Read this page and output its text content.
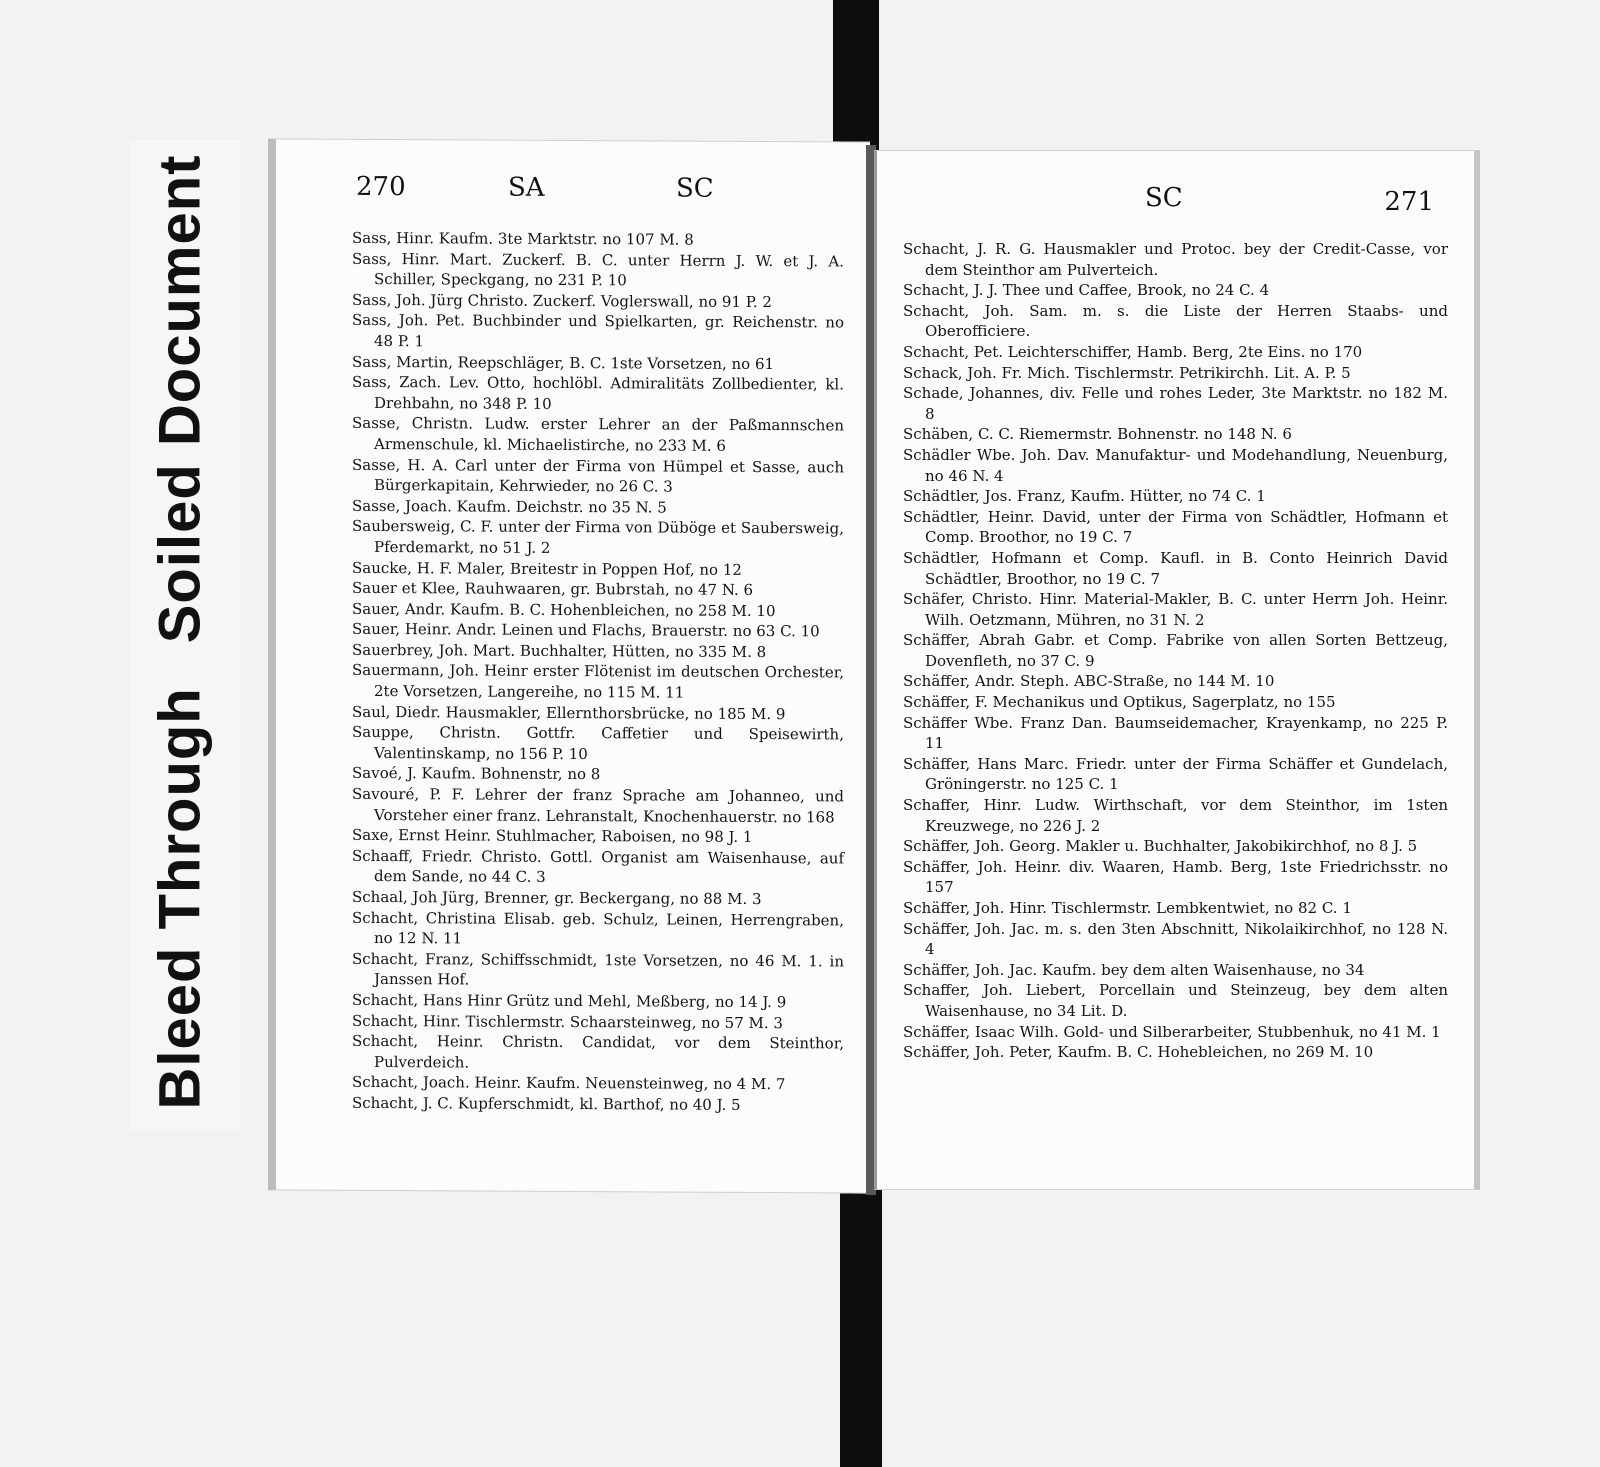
Bleed ThroughSoiled Document	270	SA	SC
Sass, Hinr. Kaufm. 3te Marktstr. no 107 M. 8
Sass, Hinr. Mart. Zuckerf. B. C. unter Herrn J. W. et J. A. Schiller, Speckgang, no 231 P. 10
Sass, Joh. Jürg Christo. Zuckerf. Voglerswall, no 91 P. 2
Sass, Joh. Pet. Buchbinder und Spielkarten, gr. Reichenstr. no 48 P. 1
Sass, Martin, Reepschläger, B. C. 1ste Vorsetzen, no 61
Sass, Zach. Lev. Otto, hochlöbl. Admiralitäts Zollbedienter, kl. Drehbahn, no 348 P. 10
Sasse, Christn. Ludw. erster Lehrer an der Paßmannschen Armenschule, kl. Michaelistirche, no 233 M. 6
Sasse, H. A. Carl unter der Firma von Hümpel et Sasse, auch Bürgerkapitain, Kehrwieder, no 26 C. 3
Sasse, Joach. Kaufm. Deichstr. no 35 N. 5
Saubersweig, C. F. unter der Firma von Düböge et Saubersweig, Pferdemarkt, no 51 J. 2
Saucke, H. F. Maler, Breitestr in Poppen Hof, no 12
Sauer et Klee, Rauhwaaren, gr. Bubrstah, no 47 N. 6
Sauer, Andr. Kaufm. B. C. Hohenbleichen, no 258 M. 10
Sauer, Heinr. Andr. Leinen und Flachs, Brauerstr. no 63 C. 10
Sauerbrey, Joh. Mart. Buchhalter, Hütten, no 335 M. 8
Sauermann, Joh. Heinr erster Flötenist im deutschen Orchester, 2te Vorsetzen, Langereihe, no 115 M. 11
Saul, Diedr. Hausmakler, Ellernthorsbrücke, no 185 M. 9
Sauppe, Christn. Gottfr. Caffetier und Speisewirth, Valentinskamp, no 156 P. 10
Savoé, J. Kaufm. Bohnenstr, no 8
Savouré, P. F. Lehrer der franz Sprache am Johanneo, und Vorsteher einer franz. Lehranstalt, Knochenhauerstr. no 168
Saxe, Ernst Heinr. Stuhlmacher, Raboisen, no 98 J. 1
Schaaff, Friedr. Christo. Gottl. Organist am Waisenhause, auf dem Sande, no 44 C. 3
Schaal, Joh Jürg, Brenner, gr. Beckergang, no 88 M. 3
Schacht, Christina Elisab. geb. Schulz, Leinen, Herrengraben, no 12 N. 11
Schacht, Franz, Schiffsschmidt, 1ste Vorsetzen, no 46 M. 1. in Janssen Hof.
Schacht, Hans Hinr Grütz und Mehl, Meßberg, no 14 J. 9
Schacht, Hinr. Tischlermstr. Schaarsteinweg, no 57 M. 3
Schacht, Heinr. Christn. Candidat, vor dem Steinthor, Pulverdeich.
Schacht, Joach. Heinr. Kaufm. Neuensteinweg, no 4 M. 7
Schacht, J. C. Kupferschmidt, kl. Barthof, no 40 J. 5
SC	271
Schacht, J. R. G. Hausmakler und Protoc. bey der Credit-Casse, vor dem Steinthor am Pulverteich.
Schacht, J. J. Thee und Caffee, Brook, no 24 C. 4
Schacht, Joh. Sam. m. s. die Liste der Herren Staabs- und Oberofficiere.
Schacht, Pet. Leichterschiffer, Hamb. Berg, 2te Eins. no 170
Schack, Joh. Fr. Mich. Tischlermstr. Petrikirchh. Lit. A. P. 5
Schade, Johannes, div. Felle und rohes Leder, 3te Marktstr. no 182 M. 8
Schäben, C. C. Riemermstr. Bohnenstr. no 148 N. 6
Schädler Wbe. Joh. Dav. Manufaktur- und Modehandlung, Neuenburg, no 46 N. 4
Schädtler, Jos. Franz, Kaufm. Hütter, no 74 C. 1
Schädtler, Heinr. David, unter der Firma von Schädtler, Hofmann et Comp. Broothor, no 19 C. 7
Schädtler, Hofmann et Comp. Kaufl. in B. Conto Heinrich David Schädtler, Broothor, no 19 C. 7
Schäfer, Christo. Hinr. Material-Makler, B. C. unter Herrn Joh. Heinr. Wilh. Oetzmann, Mühren, no 31 N. 2
Schäffer, Abrah Gabr. et Comp. Fabrike von allen Sorten Bettzeug, Dovenfleth, no 37 C. 9
Schäffer, Andr. Steph. ABC-Straße, no 144 M. 10
Schäffer, F. Mechanikus und Optikus, Sagerplatz, no 155
Schäffer Wbe. Franz Dan. Baumseidemacher, Krayenkamp, no 225 P. 11
Schäffer, Hans Marc. Friedr. unter der Firma Schäffer et Gundelach, Gröningerstr. no 125 C. 1
Schaffer, Hinr. Ludw. Wirthschaft, vor dem Steinthor, im 1sten Kreuzwege, no 226 J. 2
Schäffer, Joh. Georg. Makler u. Buchhalter, Jakobikirchhof, no 8 J. 5
Schäffer, Joh. Heinr. div. Waaren, Hamb. Berg, 1ste Friedrichsstr. no 157
Schäffer, Joh. Hinr. Tischlermstr. Lembkentwiet, no 82 C. 1
Schäffer, Joh. Jac. m. s. den 3ten Abschnitt, Nikolaikirchhof, no 128 N. 4
Schäffer, Joh. Jac. Kaufm. bey dem alten Waisenhause, no 34
Schaffer, Joh. Liebert, Porcellain und Steinzeug, bey dem alten Waisenhause, no 34 Lit. D.
Schäffer, Isaac Wilh. Gold- und Silberarbeiter, Stubbenhuk, no 41 M. 1
Schäffer, Joh. Peter, Kaufm. B. C. Hohebleichen, no 269 M. 10
